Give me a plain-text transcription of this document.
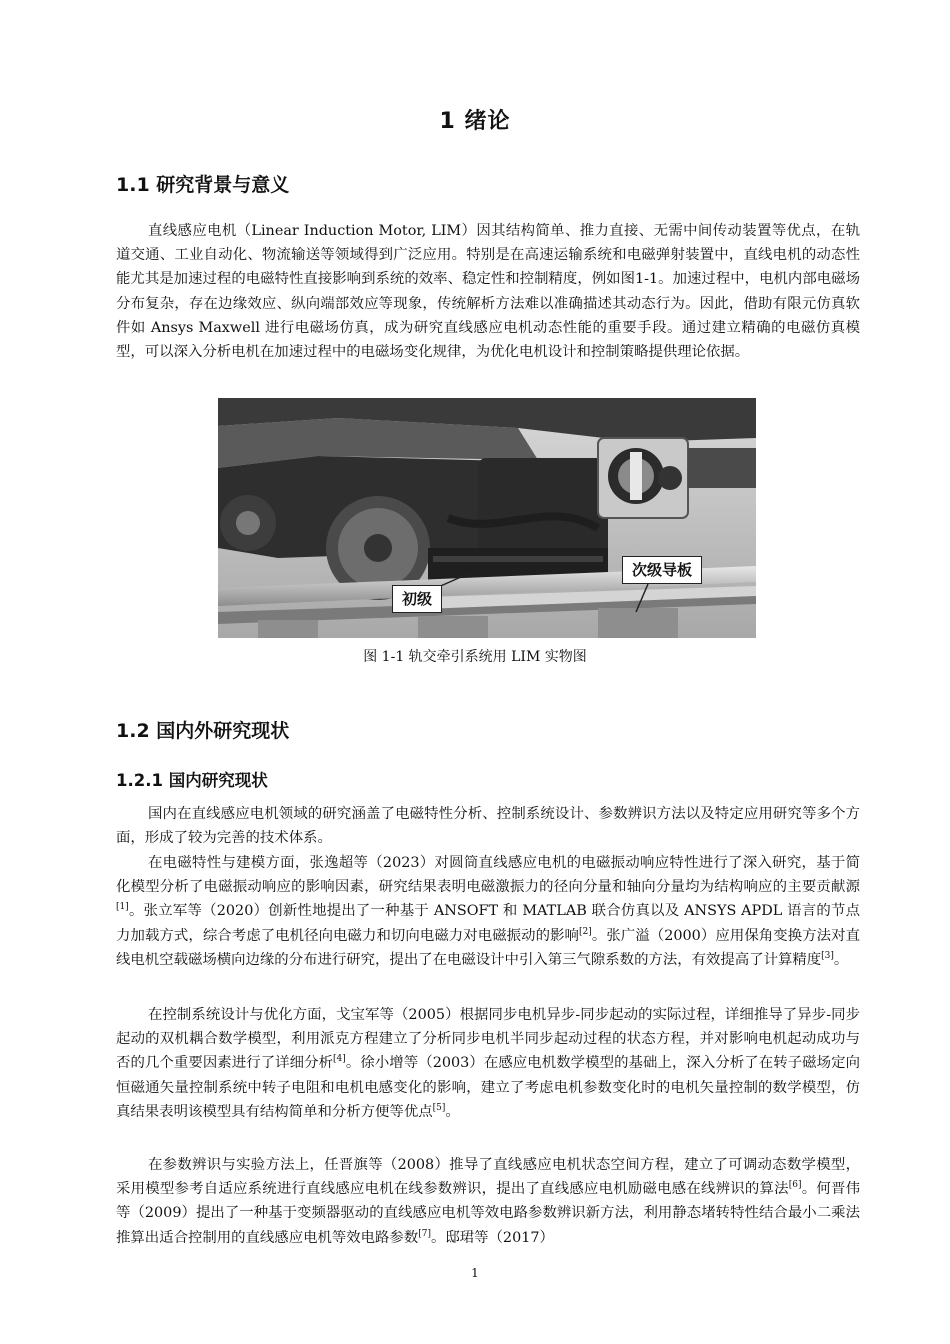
1 绪论
1.1 研究背景与意义

直线感应电机（Linear Induction Motor, LIM）因其结构简单、推力直接、无需中间传动装置等优点，在轨道交通、工业自动化、物流输送等领域得到广泛应用。特别是在高速运输系统和电磁弹射装置中，直线电机的动态性能尤其是加速过程的电磁特性直接影响到系统的效率、稳定性和控制精度，例如图1-1。加速过程中，电机内部电磁场分布复杂，存在边缘效应、纵向端部效应等现象，传统解析方法难以准确描述其动态行为。因此，借助有限元仿真软件如 Ansys Maxwell 进行电磁场仿真，成为研究直线感应电机动态性能的重要手段。通过建立精确的电磁仿真模型，可以深入分析电机在加速过程中的电磁场变化规律，为优化电机设计和控制策略提供理论依据。

次级导板
初级
图 1-1 轨交牵引系统用 LIM 实物图
1.2 国内外研究现状
1.2.1 国内研究现状

国内在直线感应电机领域的研究涵盖了电磁特性分析、控制系统设计、参数辨识方法以及特定应用研究等多个方面，形成了较为完善的技术体系。

在电磁特性与建模方面，张逸超等（2023）对圆筒直线感应电机的电磁振动响应特性进行了深入研究，基于简化模型分析了电磁振动响应的影响因素，研究结果表明电磁激振力的径向分量和轴向分量均为结构响应的主要贡献源[1]。张立军等（2020）创新性地提出了一种基于 ANSOFT 和 MATLAB 联合仿真以及 ANSYS APDL 语言的节点力加载方式，综合考虑了电机径向电磁力和切向电磁力对电磁振动的影响[2]。张广溢（2000）应用保角变换方法对直线电机空载磁场横向边缘的分布进行研究，提出了在电磁设计中引入第三气隙系数的方法，有效提高了计算精度[3]。

在控制系统设计与优化方面，戈宝军等（2005）根据同步电机异步-同步起动的实际过程，详细推导了异步-同步起动的双机耦合数学模型，利用派克方程建立了分析同步电机半同步起动过程的状态方程，并对影响电机起动成功与否的几个重要因素进行了详细分析[4]。徐小增等（2003）在感应电机数学模型的基础上，深入分析了在转子磁场定向恒磁通矢量控制系统中转子电阻和电机电感变化的影响，建立了考虑电机参数变化时的电机矢量控制的数学模型，仿真结果表明该模型具有结构简单和分析方便等优点[5]。

在参数辨识与实验方法上，任晋旗等（2008）推导了直线感应电机状态空间方程，建立了可调动态数学模型，采用模型参考自适应系统进行直线感应电机在线参数辨识，提出了直线感应电机励磁电感在线辨识的算法[6]。何晋伟等（2009）提出了一种基于变频器驱动的直线感应电机等效电路参数辨识新方法，利用静态堵转特性结合最小二乘法推算出适合控制用的直线感应电机等效电路参数[7]。邸珺等（2017）

1
